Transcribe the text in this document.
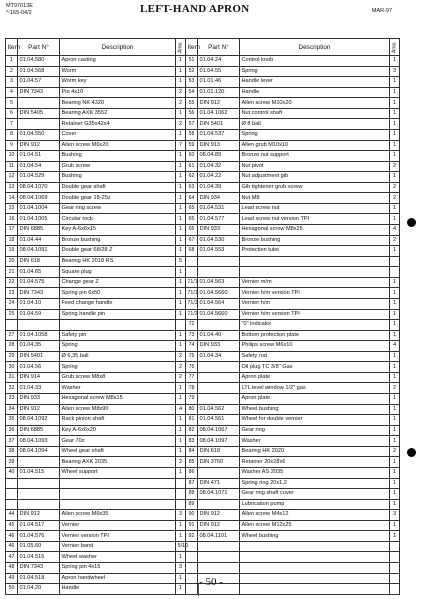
MT97013E
*-165-04/2	LEFT-HAND APRON	MAR-97
Item	Part N°	Description	Amo.	Item	Part N°	Description	Amo.
1	01.04.580	Apron casting	1	51	01.04.24	Control knob	1
2	01.04.568	Worm	1	52	01.04.55	Spring	3
3	01.04.57	Worm key	1	53	01.01.46	Handle lever	1
4	DIN 7343	Pin 4x10	2	54	01.01.120	Handle	1
5		Bearing NK 4320	2	55	DIN 912	Allen screw M10x20	1
6	DIN 5405	Bearing AXK 3552	1	56	01.04.1062	Nut control shaft	1
7		Retainer G35x42x4	2	57	DIN 5401	Ø 8 ball	1
8	01.04.550	Cover	1	58	01.04.537	Spring	1
9	DIN 912	Allen screw M6x20	7	59	DIN 913	Allen grub M10x10	1
10	01.04.51	Bushing	1	60	08.04.89	Bronze nut support	1
11	01.04.54	Grub screw	1	61	01.04.32	Nut pivot	2
12	01.04.529	Bushing	1	62	01.04.22	Nut adjustment gib	1
13	08.04.1070	Double gear shaft	1	63	01.04.39	Gib tightener grub screw	2
14	08.04.1069	Double gear 18-25z	1	64	DIN 934	Nut M8	2
15	01.04.1004	Gear ring screw	1	65	01.04.531	Lead screw nut	1
16	01.04.1005	Circular rock	1	65	01.04.577	Lead screw nut version TPI	1
17	DIN 6885	Key A-6x6x15	1	66	DIN 933	Hexagonal screw M8x25	4
18	01.04.44	Bronze bushing	1	67	01.04.530	Bronze bushing	2
19	08.04.1091	Double gear 68/28 Z	1	68	01.04.553	Protection tube	1
20	DIN 618	Bearing HK 2018 RS	5				
21	01.04.65	Square plug	1				
22	01.04.575	Change gear Z	1	71/1	01.04.563	Vernier m/m	1
23	DIN 7343	Spring pin 6x50	1	71/1	01.04.5660	Vernier h/m version TPI	1
24	01.04.10	Feed change handle	1	71/2	01.04.564	Vernier h/m	1
25	01.04.59	Spring handle pin	1	71/2	01.04.5660	Vernier h/m version TPI	1
				72		"0" indicator	1
27	01.04.1058	Safety pin	1	73	01.04.40	Bottom protection plate	1
28	01.04.35	Spring	1	74	DIN 933	Philips screw M6x10	4
29	DIN 5401	Ø 6,35 ball	2	75	01.04.34	Safety rod	1
30	01.04.56	Spring	2	76		Oil plug TC 3/8" Gas	1
31	DIN 914	Grub screw M8x8	2	77		Apron plate	1
32	01.04.33	Washer	1	78		LTL level window 1/2" gas	2
33	DIN 933	Hexagonal screw M8x15	1	79		Apron plate	1
34	DIN 912	Allen screw M8x90	4	80	01.04.562	Wheel bushing	1
35	08.04.1092	Rack pinion shaft	1	81	01.04.561	Wheel for double vernier	1
36	DIN 6885	Key A-6x6x20	1	82	08.04.1067	Gear ring	1
37	08.04.1093	Gear 70z	1	83	08.04.1097	Washer	1
38	08.04.1094	Wheel gear shaft	1	84	DIN 618	Bearing HK 2020	2
39		Bearing AXK 2035	2	85	DIN 3760	Retainer 20x28x6	1
40	01.04.515	Wheel support	1	86		Washer AS 2035	1
				87	DIN 471	Spring ring 20x1,2	1
				88	08.04.1071	Gear ring shaft cover	1
				89		Lubrication pump	1
44	DIN 912	Allen screw M6x35	3	90	DIN 912	Allen screw M4x12	3
45	01.04.517	Vernier	1	91	DIN 912	Allen screw M12x25	1
46	01.04.576	Vernier version TPI	1	92	08.04.1101	Wheel bushing	1
46	01.05.60	Vernier band	5/10				
47	01.04.516	Wheel washer	1				
48	DIN 7343	Spring pin 4x15	3				
49	01.04.518	Apron handwheel	1				
50	01.04.20	Handle	1				
- 50 -
